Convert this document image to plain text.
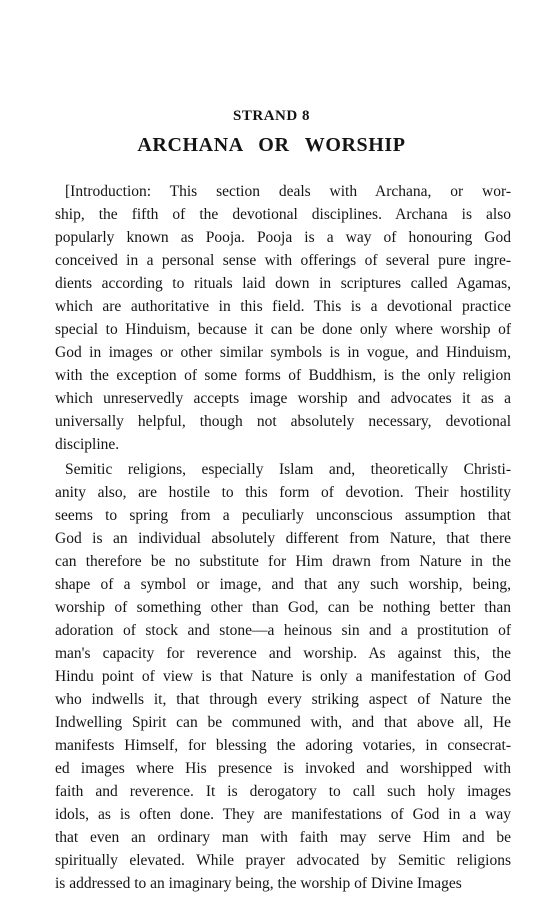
STRAND 8
ARCHANA OR WORSHIP
[Introduction: This section deals with Archana, or wor-
ship, the fifth of the devotional disciplines. Archana is also
popularly known as Pooja. Pooja is a way of honouring God
conceived in a personal sense with offerings of several pure ingre-
dients according to rituals laid down in scriptures called Agamas,
which are authoritative in this field. This is a devotional practice
special to Hinduism, because it can be done only where worship of
God in images or other similar symbols is in vogue, and Hinduism,
with the exception of some forms of Buddhism, is the only religion
which unreservedly accepts image worship and advocates it as a
universally helpful, though not absolutely necessary, devotional
discipline.
Semitic religions, especially Islam and, theoretically Christi-
anity also, are hostile to this form of devotion. Their hostility
seems to spring from a peculiarly unconscious assumption that
God is an individual absolutely different from Nature, that there
can therefore be no substitute for Him drawn from Nature in the
shape of a symbol or image, and that any such worship, being,
worship of something other than God, can be nothing better than
adoration of stock and stone—a heinous sin and a prostitution of
man's capacity for reverence and worship. As against this, the
Hindu point of view is that Nature is only a manifestation of God
who indwells it, that through every striking aspect of Nature the
Indwelling Spirit can be communed with, and that above all, He
manifests Himself, for blessing the adoring votaries, in consecrat-
ed images where His presence is invoked and worshipped with
faith and reverence. It is derogatory to call such holy images
idols, as is often done. They are manifestations of God in a way
that even an ordinary man with faith may serve Him and be
spiritually elevated. While prayer advocated by Semitic religions
is addressed to an imaginary being, the worship of Divine Images
